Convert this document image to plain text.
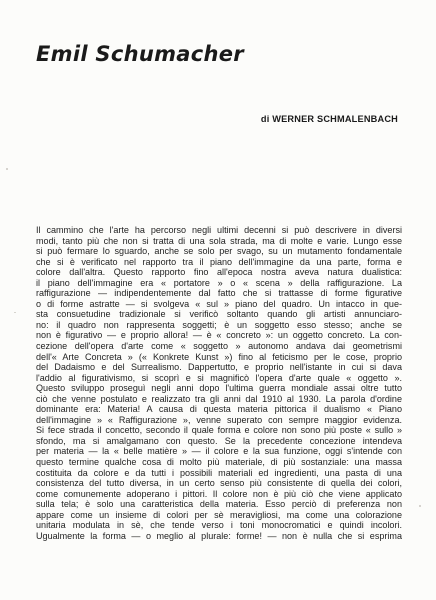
Emil Schumacher

di WERNER SCHMALENBACH

Il cammino che l'arte ha percorso negli ultimi decenni si può descrivere in diversi
modi, tanto più che non si tratta di una sola strada, ma di molte e varie. Lungo esse
si può fermare lo sguardo, anche se solo per svago, su un mutamento fondamentale
che si è verificato nel rapporto tra il piano dell'immagine da una parte, forma e
colore dall'altra. Questo rapporto fino all'epoca nostra aveva natura dualistica:
il piano dell'immagine era « portatore » o « scena » della raffigurazione. La
raffigurazione — indipendentemente dal fatto che si trattasse di forme figurative
o di forme astratte — si svolgeva « sul » piano del quadro. Un intacco in que-
sta consuetudine tradizionale si verificò soltanto quando gli artisti annunciaro-
no: il quadro non rappresenta soggetti; è un soggetto esso stesso; anche se
non è figurativo — e proprio allora! — è « concreto »: un oggetto concreto. La con-
cezione dell'opera d'arte come « soggetto » autonomo andava dai geometrismi
dell'« Arte Concreta » (« Konkrete Kunst ») fino al feticismo per le cose, proprio
del Dadaismo e del Surrealismo. Dappertutto, e proprio nell'istante in cui si dava
l'addio al figurativismo, si scoprì e si magnificò l'opera d'arte quale « oggetto ».
Questo sviluppo proseguì negli anni dopo l'ultima guerra mondiale assai oltre tutto
ciò che venne postulato e realizzato tra gli anni dal 1910 al 1930. La parola d'ordine
dominante era: Materia! A causa di questa materia pittorica il dualismo « Piano
dell'immagine » « Raffigurazione », venne superato con sempre maggior evidenza.
Si fece strada il concetto, secondo il quale forma e colore non sono più poste « sullo »
sfondo, ma si amalgamano con questo. Se la precedente concezione intendeva
per materia — la « belle matière » — il colore e la sua funzione, oggi s'intende con
questo termine qualche cosa di molto più materiale, di più sostanziale: una massa
costituita da colore e da tutti i possibili materiali ed ingredienti, una pasta di una
consistenza del tutto diversa, in un certo senso più consistente di quella dei colori,
come comunemente adoperano i pittori. Il colore non è più ciò che viene applicato
sulla tela; è solo una caratteristica della materia. Esso perciò di preferenza non
appare come un insieme di colori per sè meravigliosi, ma come una colorazione
unitaria modulata in sè, che tende verso i toni monocromatici e quindi incolori.
Ugualmente la forma — o meglio al plurale: forme! — non è nulla che si esprima
